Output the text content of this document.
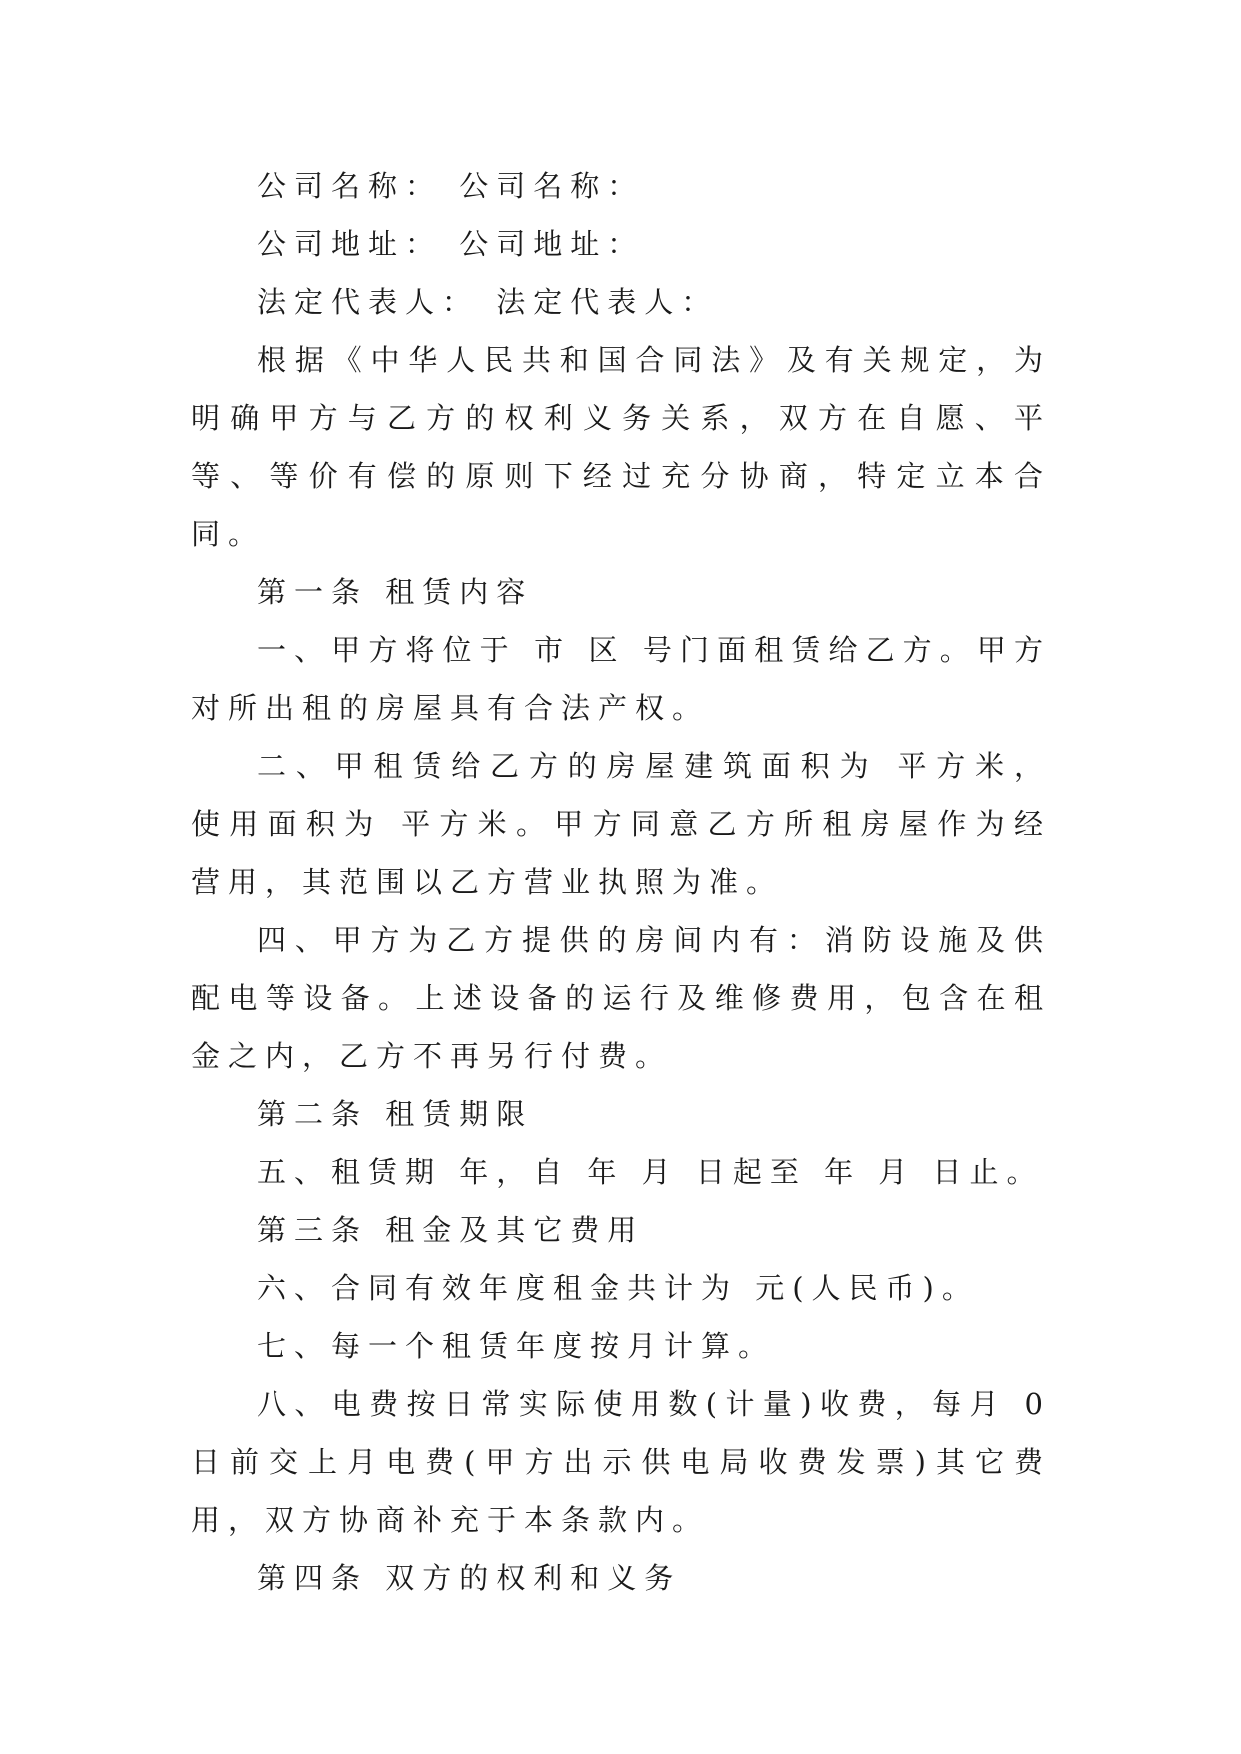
公司名称： 公司名称：

公司地址： 公司地址：

法定代表人： 法定代表人：

根据《中华人民共和国合同法》及有关规定，为明确甲方与乙方的权利义务关系，双方在自愿、平等、等价有偿的原则下经过充分协商，特定立本合同。

第一条 租赁内容

一、甲方将位于 市 区 号门面租赁给乙方。甲方对所出租的房屋具有合法产权。

二、甲租赁给乙方的房屋建筑面积为 平方米，使用面积为 平方米。甲方同意乙方所租房屋作为经营用，其范围以乙方营业执照为准。

四、甲方为乙方提供的房间内有：消防设施及供配电等设备。上述设备的运行及维修费用，包含在租金之内，乙方不再另行付费。

第二条 租赁期限

五、租赁期 年，自 年 月 日起至 年 月 日止。

第三条 租金及其它费用

六、合同有效年度租金共计为 元(人民币)。

七、每一个租赁年度按月计算。

八、电费按日常实际使用数(计量)收费，每月 0日前交上月电费(甲方出示供电局收费发票)其它费用，双方协商补充于本条款内。

第四条 双方的权利和义务
